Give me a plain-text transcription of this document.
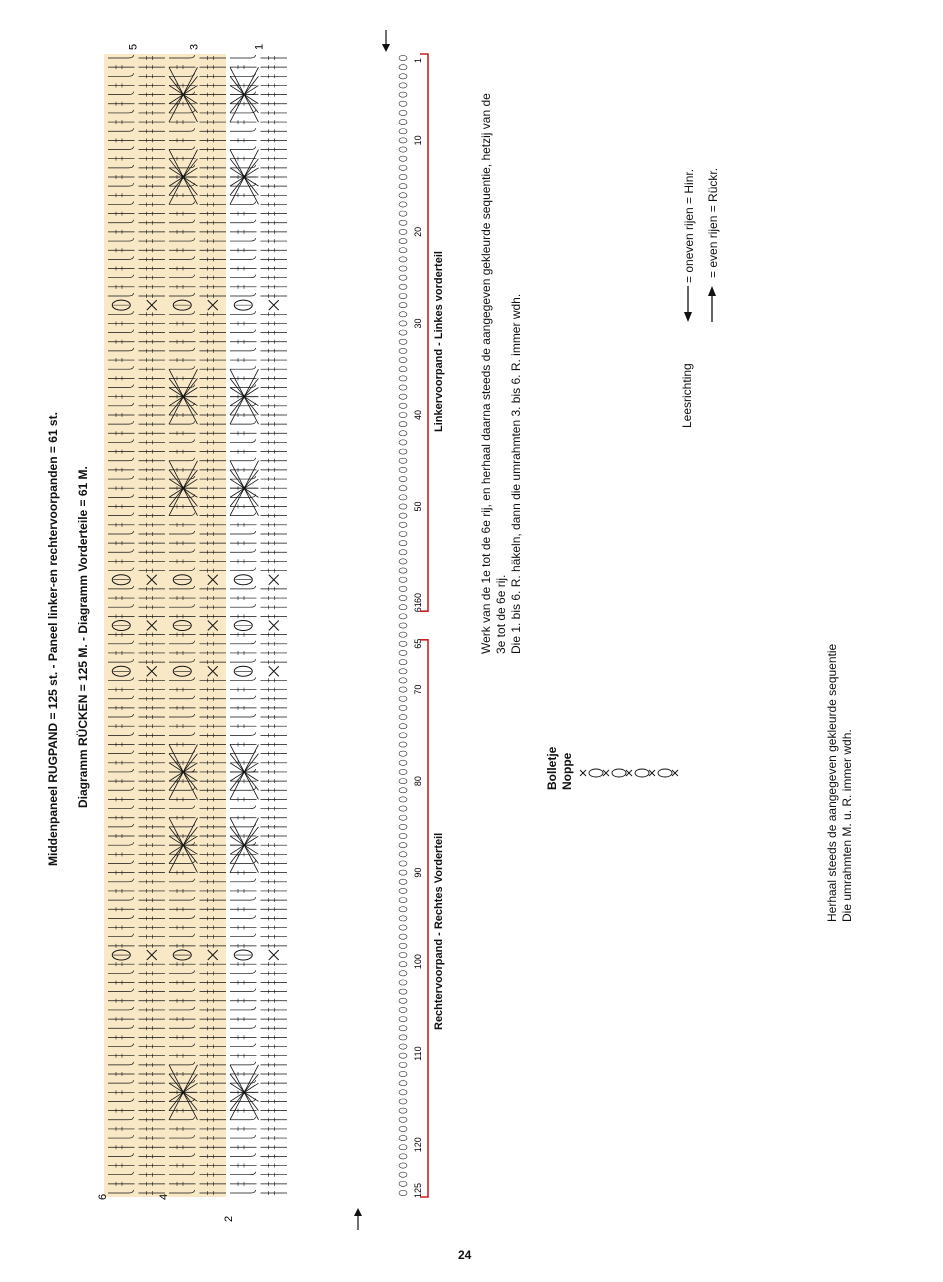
Middenpaneel RUGPAND = 125 st. - Paneel linker-en rechtervoorpanden = 61 st. Diagramm RÜCKEN = 125 M. - Diagramm Vorderteile = 61 M.
1
2
3
4
5
6
1
10
20
30
40
50
60
61
65
70
80
90
100
110
120
125
Linkervoorpand - Linkes vorderteil
Rechtervoorpand - Rechtes Vorderteil
Werk van de 1e tot de 6e rij, en herhaal daarna steeds de aangegeven gekleurde sequentie, hetzij van de 3e tot de 6e rij. Die 1. bis 6. R. häkeln, dann die umrahmten 3. bis 6. R. immer wdh.	Leesrichting
= oneven rijen = Hinr. = even rijen = Rückr.
Bolletje Noppe	Herhaal steeds de aangegeven gekleurde sequentie Die umrahmten M. u. R. immer wdh.
24
